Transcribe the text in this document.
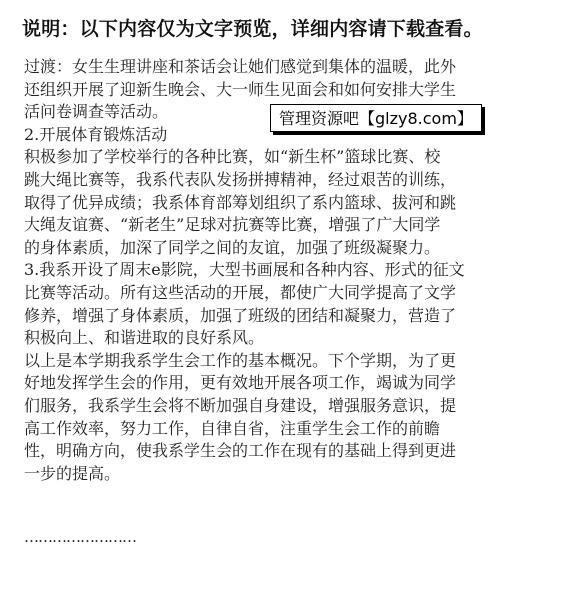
说明：以下内容仅为文字预览，详细内容请下载查看。

过渡：女生生理讲座和茶话会让她们感觉到集体的温暖，此外

还组织开展了迎新生晚会、大一师生见面会和如何安排大学生

活问卷调查等活动。

2.开展体育锻炼活动

积极参加了学校举行的各种比赛，如“新生杯”篮球比赛、校

跳大绳比赛等，我系代表队发扬拼搏精神，经过艰苦的训练，

取得了优异成绩；我系体育部筹划组织了系内篮球、拔河和跳

大绳友谊赛、“新老生”足球对抗赛等比赛，增强了广大同学

的身体素质，加深了同学之间的友谊，加强了班级凝聚力。

3.我系开设了周末e影院，大型书画展和各种内容、形式的征文

比赛等活动。所有这些活动的开展，都使广大同学提高了文学

修养，增强了身体素质，加强了班级的团结和凝聚力，营造了

积极向上、和谐进取的良好系风。

以上是本学期我系学生会工作的基本概况。下个学期，为了更

好地发挥学生会的作用，更有效地开展各项工作，竭诚为同学

们服务，我系学生会将不断加强自身建设，增强服务意识，提

高工作效率，努力工作，自律自省，注重学生会工作的前瞻

性，明确方向，使我系学生会的工作在现有的基础上得到更进

一步的提高。

管理资源吧【glzy8.com】
……………………
